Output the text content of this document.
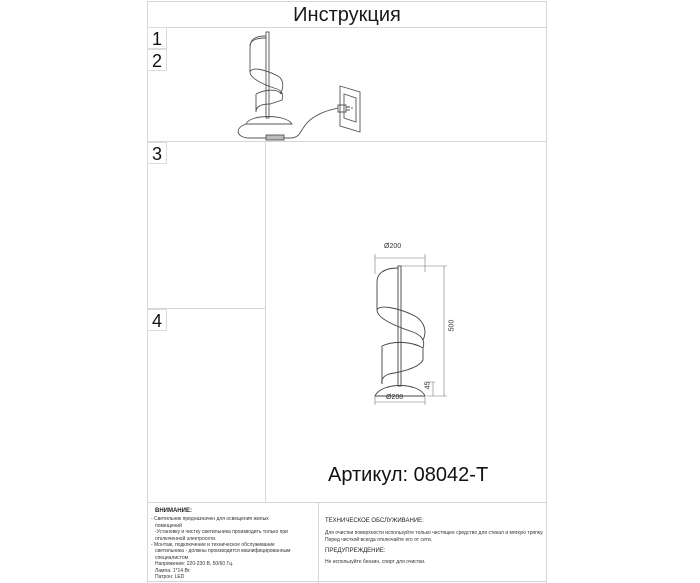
Инструкция
1
2
3
4
Ø200
500
45
Ø208
Артикул: 08042-T
ВНИМАНИЕ:
- Светильник предназначен для освещения жилых
помещений
-Установку и чистку светильника производить только при
отключенной электросети.
- Монтаж, подключение и техническое обслуживание
светильника - должны производится квалифицированным
специалистом
Напряжение: 220-230 В, 50/60 Гц.
Лампа: 1*14 Вт.
Патрон: LED
ТЕХНИЧЕСКОЕ ОБСЛУЖИВАНИЕ:
Для очистки поверхности используйте только чистящее средство для стекал и мягкую тряпку.
Перед чисткой всегда отключайте его от сети.
ПРЕДУПРЕЖДЕНИЕ:
Не используйте бензин, спирт для очистки.
